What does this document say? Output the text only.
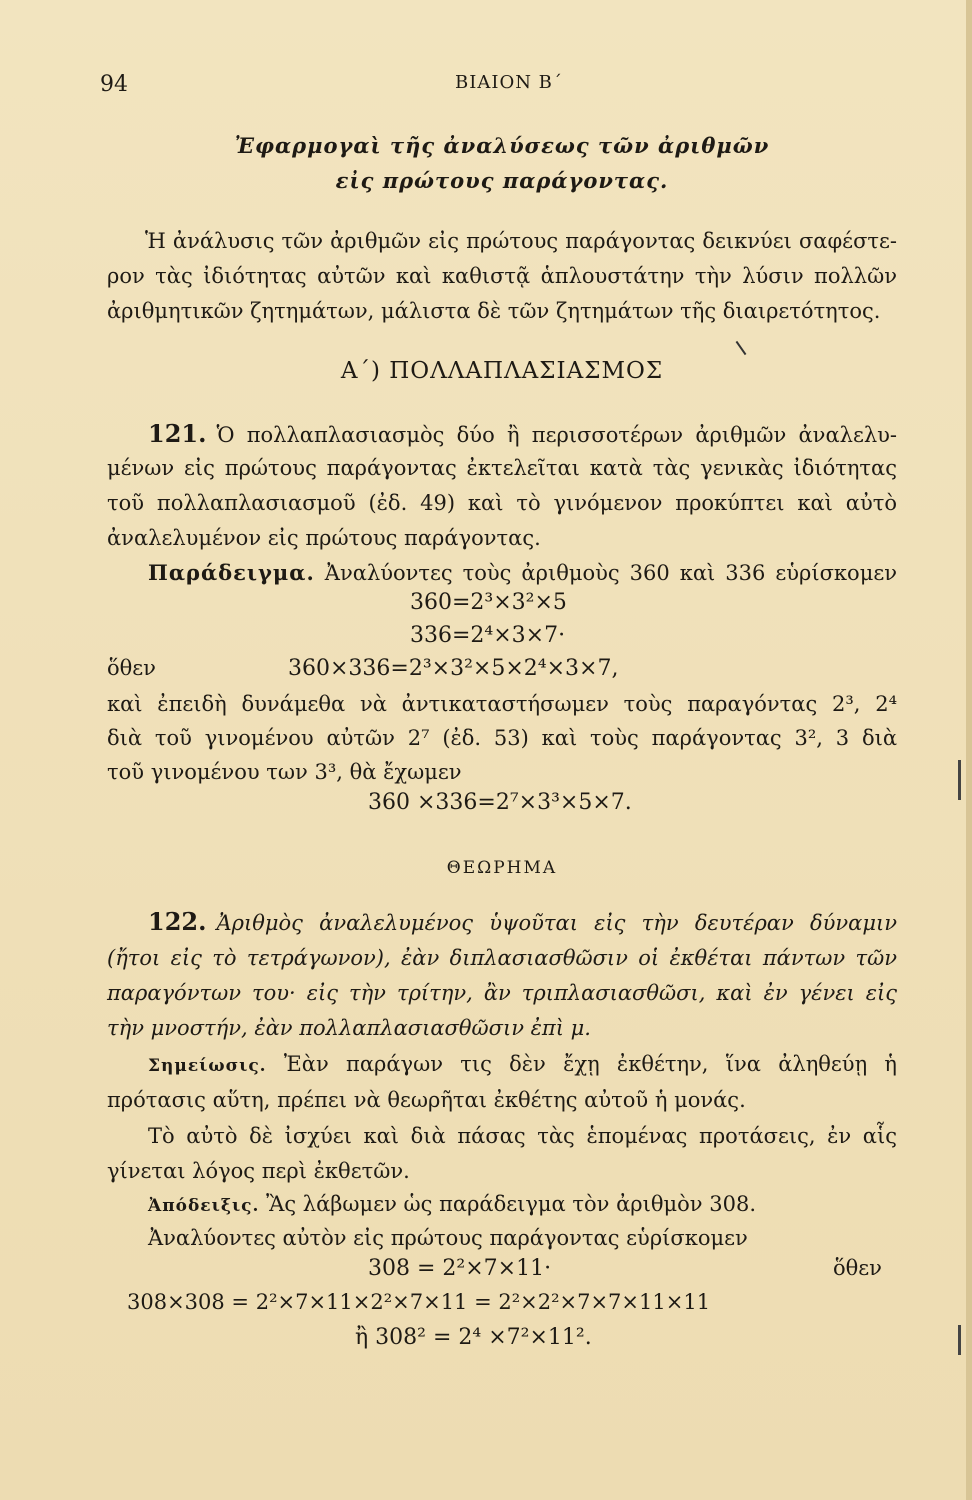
94	ΒΙΑΙΟΝ Β΄
Ἐφαρμογαὶ τῆς ἀναλύσεως τῶν ἀριθμῶν
εἰς πρώτους παράγοντας.
Ἡ ἀνάλυσις τῶν ἀριθμῶν εἰς πρώτους παράγοντας δεικνύει σαφέστε-
ρον τὰς ἰδιότητας αὐτῶν καὶ καθιστᾷ ἁπλουστάτην τὴν λύσιν πολλῶν
ἀριθμητικῶν ζητημάτων, μάλιστα δὲ τῶν ζητημάτων τῆς διαιρετότητος.
Α΄) ΠΟΛΛΑΠΛΑΣΙΑΣΜΟΣ
121. Ὁ πολλαπλασιασμὸς δύο ἢ περισσοτέρων ἀριθμῶν ἀναλελυ-
μένων εἰς πρώτους παράγοντας ἐκτελεῖται κατὰ τὰς γενικὰς ἰδιότητας
τοῦ πολλαπλασιασμοῦ (ἐδ. 49) καὶ τὸ γινόμενον προκύπτει καὶ αὐτὸ
ἀναλελυμένον εἰς πρώτους παράγοντας.
Παράδειγμα. Ἀναλύοντες τοὺς ἀριθμοὺς 360 καὶ 336 εὑρίσκομεν
360=2³×3²×5
336=2⁴×3×7·
ὅθεν	360×336=2³×3²×5×2⁴×3×7,
καὶ ἐπειδὴ δυνάμεθα νὰ ἀντικαταστήσωμεν τοὺς παραγόντας 2³, 2⁴
διὰ τοῦ γινομένου αὐτῶν 2⁷ (ἐδ. 53) καὶ τοὺς παράγοντας 3², 3 διὰ
τοῦ γινομένου των 3³, θὰ ἔχωμεν
360 ×336=2⁷×3³×5×7.
ΘΕΩΡΗΜΑ
122. Ἀριθμὸς ἀναλελυμένος ὑψοῦται εἰς τὴν δευτέραν δύναμιν
(ἤτοι εἰς τὸ τετράγωνον), ἐὰν διπλασιασθῶσιν οἱ ἐκθέται πάντων τῶν
παραγόντων του· εἰς τὴν τρίτην, ἂν τριπλασιασθῶσι, καὶ ἐν γένει εἰς
τὴν μνοστήν, ἐὰν πολλαπλασιασθῶσιν ἐπὶ μ.
Σημείωσις. Ἐὰν παράγων τις δὲν ἔχῃ ἐκθέτην, ἵνα ἀληθεύῃ ἡ
πρότασις αὕτη, πρέπει νὰ θεωρῆται ἐκθέτης αὐτοῦ ἡ μονάς.
Τὸ αὐτὸ δὲ ἰσχύει καὶ διὰ πάσας τὰς ἑπομένας προτάσεις, ἐν αἷς
γίνεται λόγος περὶ ἐκθετῶν.
Ἀπόδειξις. Ἂς λάβωμεν ὡς παράδειγμα τὸν ἀριθμὸν 308.
Ἀναλύοντες αὐτὸν εἰς πρώτους παράγοντας εὑρίσκομεν
308 = 2²×7×11·	ὅθεν
308×308 = 2²×7×11×2²×7×11 = 2²×2²×7×7×11×11
ἢ 308² = 2⁴ ×7²×11².
